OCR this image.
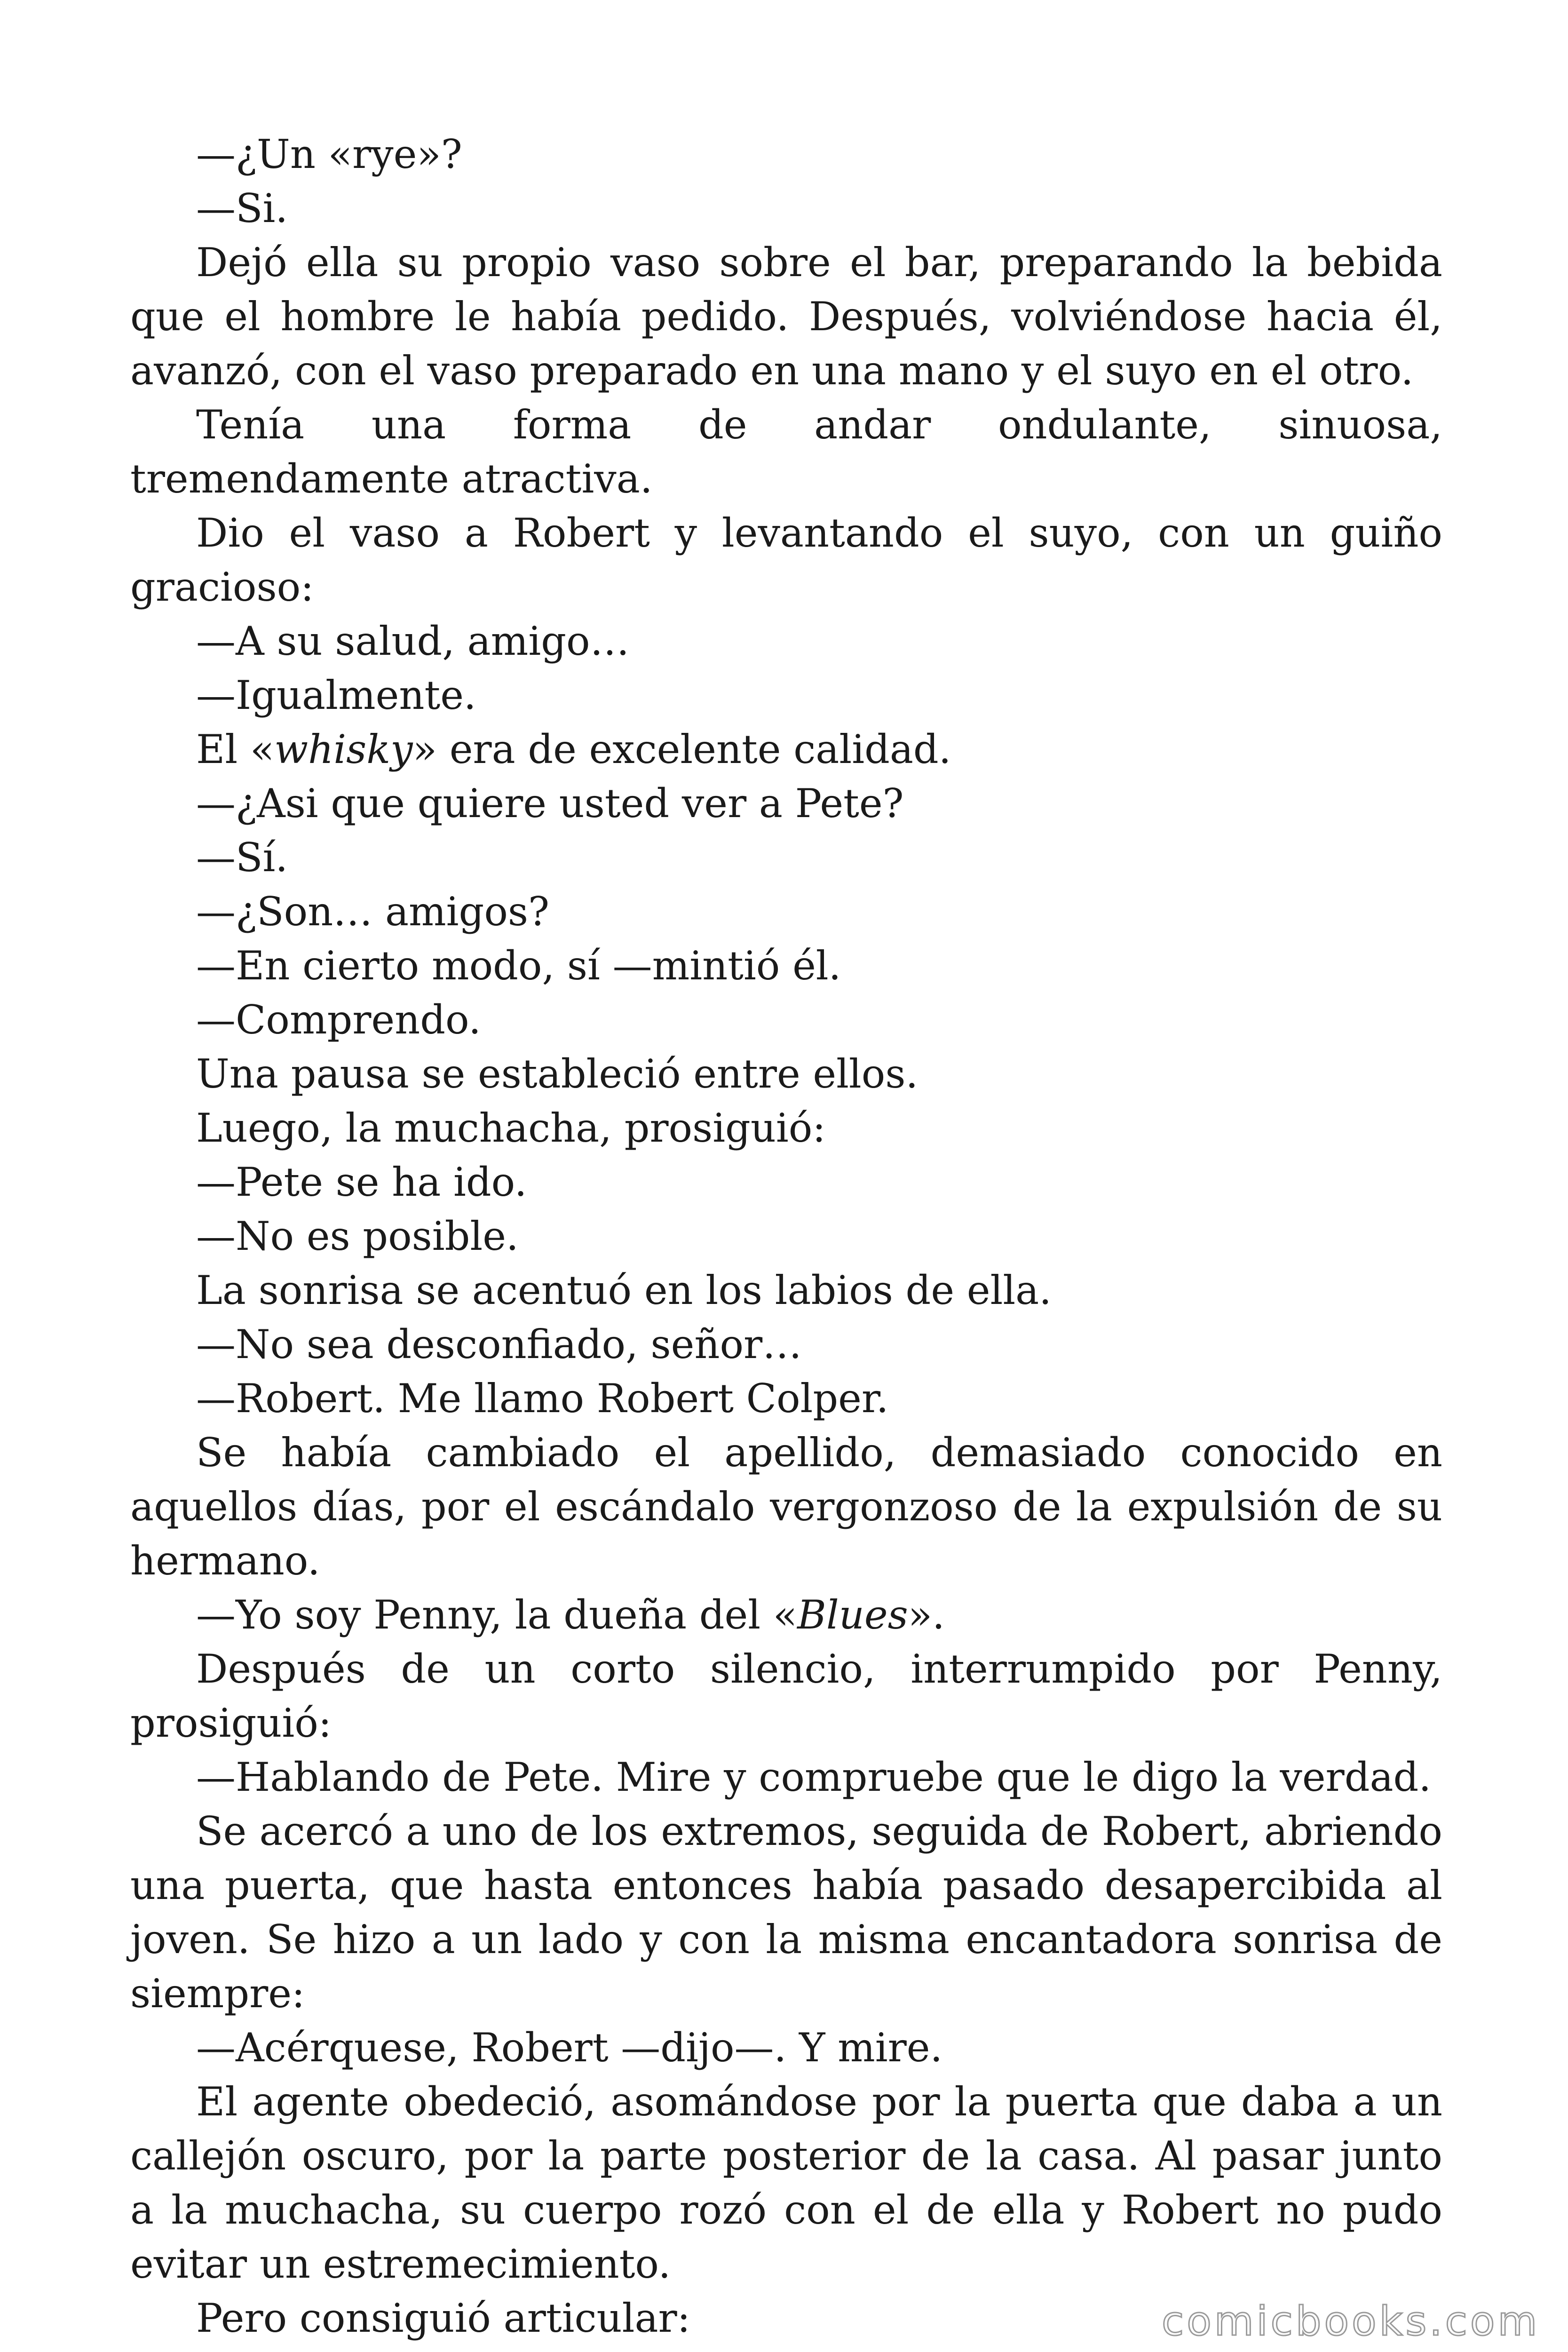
—¿Un «rye»?

—Si.

Dejó ella su propio vaso sobre el bar, preparando la bebida que el hombre le había pedido. Después, volviéndose hacia él, avanzó, con el vaso preparado en una mano y el suyo en el otro.

Tenía una forma de andar ondulante, sinuosa, tremendamente atractiva.

Dio el vaso a Robert y levantando el suyo, con un guiño gracioso:

—A su salud, amigo…

—Igualmente.

El «whisky» era de excelente calidad.

—¿Asi que quiere usted ver a Pete?

—Sí.

—¿Son… amigos?

—En cierto modo, sí —mintió él.

—Comprendo.

Una pausa se estableció entre ellos.

Luego, la muchacha, prosiguió:

—Pete se ha ido.

—No es posible.

La sonrisa se acentuó en los labios de ella.

—No sea desconfiado, señor…

—Robert. Me llamo Robert Colper.

Se había cambiado el apellido, demasiado conocido en aquellos días, por el escándalo vergonzoso de la expulsión de su hermano.

—Yo soy Penny, la dueña del «Blues».

Después de un corto silencio, interrumpido por Penny, prosiguió:

—Hablando de Pete. Mire y compruebe que le digo la verdad.

Se acercó a uno de los extremos, seguida de Robert, abriendo una puerta, que hasta entonces había pasado desapercibida al joven. Se hizo a un lado y con la misma encantadora sonrisa de siempre:

—Acérquese, Robert —dijo—. Y mire.

El agente obedeció, asomándose por la puerta que daba a un callejón oscuro, por la parte posterior de la casa. Al pasar junto a la muchacha, su cuerpo rozó con el de ella y Robert no pudo evitar un estremecimiento.

Pero consiguió articular:	comicbooks.com
